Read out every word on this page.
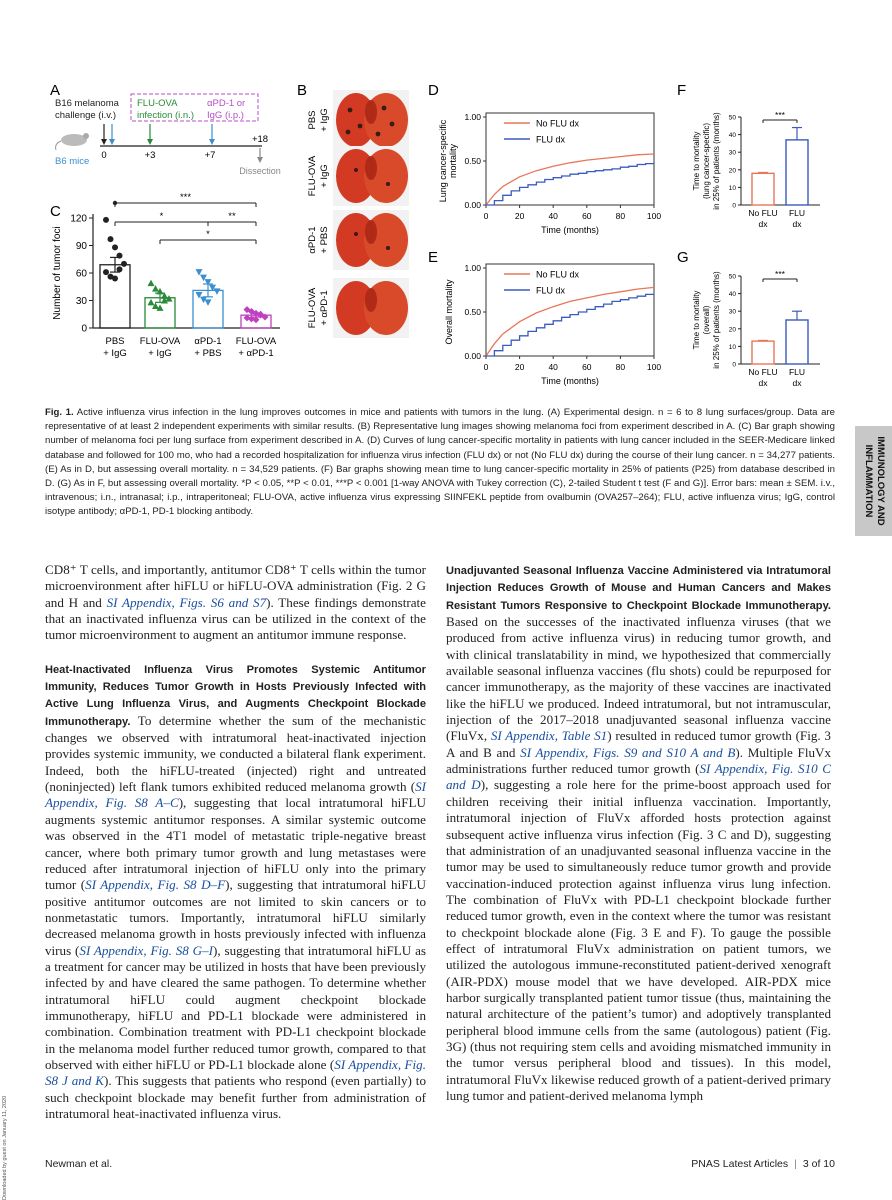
A
C
B	D
E
F
G
B16 melanoma
challenge (i.v.)
FLU-OVA
infection (i.n.)
αPD-1 or
IgG (i.p.)
B6 mice
0	+3	+7
+18
Dissection
0
30
60
90
120
Number of tumor foci
PBS
+ IgG
FLU-OVA
+ IgG
αPD-1
+ PBS
FLU-OVA
+ αPD-1
***
*	**
*
PBS + IgG
FLU-OVA + IgG
αPD-1 + PBS
FLU-OVA + αPD-1
0.00
0.50
1.00
0	20	40	60	80	100
Time (months)
Lung cancer-specific mortality
No FLU dx
FLU dx
0.00
0.50
1.00
0	20	40	60	80	100
Time (months)
Overall mortality
No FLU dx
FLU dx
0
10
20
30
40
50
Time to mortality (lung cancer-specific) in 25% of patients (months)
No FLU
dx
FLU
dx
***
0
10
20
30
40
50
Time to mortality (overall) in 25% of patients (months)
No FLU
dx
FLU
dx
***
Fig. 1. Active influenza virus infection in the lung improves outcomes in mice and patients with tumors in the lung. (A) Experimental design. n = 6 to 8 lung surfaces/group. Data are representative of at least 2 independent experiments with similar results. (B) Representative lung images showing melanoma foci from experiment described in A. (C) Bar graph showing number of melanoma foci per lung surface from experiment described in A. (D) Curves of lung cancer-specific mortality in patients with lung cancer included in the SEER-Medicare linked database and followed for 100 mo, who had a recorded hospitalization for influenza virus infection (FLU dx) or not (No FLU dx) during the course of their lung cancer. n = 34,277 patients. (E) As in D, but assessing overall mortality. n = 34,529 patients. (F) Bar graphs showing mean time to lung cancer-specific mortality in 25% of patients (P25) from database described in D. (G) As in F, but assessing overall mortality. *P < 0.05, **P < 0.01, ***P < 0.001 [1-way ANOVA with Tukey correction (C), 2-tailed Student t test (F and G)]. Error bars: mean ± SEM. i.v., intravenous; i.n., intranasal; i.p., intraperitoneal; FLU-OVA, active influenza virus expressing SIINFEKL peptide from ovalbumin (OVA257–264); FLU, active influenza virus; IgG, control isotype antibody; αPD-1, PD-1 blocking antibody.	IMMUNOLOGY AND
INFLAMMATION

CD8⁺ T cells, and importantly, antitumor CD8⁺ T cells within the tumor microenvironment after hiFLU or hiFLU-OVA administration (Fig. 2 G and H and SI Appendix, Figs. S6 and S7). These findings demonstrate that an inactivated influenza virus can be utilized in the context of the tumor microenvironment to augment an antitumor immune response.

Heat-Inactivated Influenza Virus Promotes Systemic Antitumor Immunity, Reduces Tumor Growth in Hosts Previously Infected with Active Lung Influenza Virus, and Augments Checkpoint Blockade Immunotherapy. To determine whether the sum of the mechanistic changes we observed with intratumoral heat-inactivated injection provides systemic immunity, we conducted a bilateral flank experiment. Indeed, both the hiFLU-treated (injected) right and untreated (noninjected) left flank tumors exhibited reduced melanoma growth (SI Appendix, Fig. S8 A–C), suggesting that local intratumoral hiFLU augments systemic antitumor responses. A similar systemic outcome was observed in the 4T1 model of metastatic triple-negative breast cancer, where both primary tumor growth and lung metastases were reduced after intratumoral injection of hiFLU only into the primary tumor (SI Appendix, Fig. S8 D–F), suggesting that intratumoral hiFLU positive antitumor outcomes are not limited to skin cancers or to nonmetastatic tumors. Importantly, intratumoral hiFLU similarly decreased melanoma growth in hosts previously infected with influenza virus (SI Appendix, Fig. S8 G–I), suggesting that intratumoral hiFLU as a treatment for cancer may be utilized in hosts that have been previously infected by and have cleared the same pathogen. To determine whether intratumoral hiFLU could augment checkpoint blockade immunotherapy, hiFLU and PD-L1 blockade were administered in combination. Combination treatment with PD-L1 checkpoint blockade in the melanoma model further reduced tumor growth, compared to that observed with either hiFLU or PD-L1 blockade alone (SI Appendix, Fig. S8 J and K). This suggests that patients who respond (even partially) to such checkpoint blockade may benefit further from administration of intratumoral heat-inactivated influenza virus.

Unadjuvanted Seasonal Influenza Vaccine Administered via Intratumoral Injection Reduces Growth of Mouse and Human Cancers and Makes Resistant Tumors Responsive to Checkpoint Blockade Immunotherapy. Based on the successes of the inactivated influenza viruses (that we produced from active influenza virus) in reducing tumor growth, and with clinical translatability in mind, we hypothesized that commercially available seasonal influenza vaccines (flu shots) could be repurposed for cancer immunotherapy, as the majority of these vaccines are inactivated like the hiFLU we produced. Indeed intratumoral, but not intramuscular, injection of the 2017–2018 unadjuvanted seasonal influenza vaccine (FluVx, SI Appendix, Table S1) resulted in reduced tumor growth (Fig. 3 A and B and SI Appendix, Figs. S9 and S10 A and B). Multiple FluVx administrations further reduced tumor growth (SI Appendix, Fig. S10 C and D), suggesting a role here for the prime-boost approach used for children receiving their initial influenza vaccination. Importantly, intratumoral injection of FluVx afforded hosts protection against subsequent active influenza virus infection (Fig. 3 C and D), suggesting that administration of an unadjuvanted seasonal influenza vaccine in the tumor may be used to simultaneously reduce tumor growth and provide vaccination-induced protection against influenza virus lung infection. The combination of FluVx with PD-L1 checkpoint blockade further reduced tumor growth, even in the context where the tumor was resistant to checkpoint blockade alone (Fig. 3 E and F). To gauge the possible effect of intratumoral FluVx administration on patient tumors, we utilized the autologous immune-reconstituted patient-derived xenograft (AIR-PDX) mouse model that we have developed. AIR-PDX mice harbor surgically transplanted patient tumor tissue (thus, maintaining the natural architecture of the patient’s tumor) and adoptively transplanted peripheral blood immune cells from the same (autologous) patient (Fig. 3G) (thus not requiring stem cells and avoiding mismatched immunity in the tumor versus peripheral blood and tissues). In this model, intratumoral FluVx likewise reduced growth of a patient-derived primary lung tumor and patient-derived melanoma lymph

Newman et al.	PNAS Latest Articles | 3 of 10
Downloaded by guest on January 11, 2020
